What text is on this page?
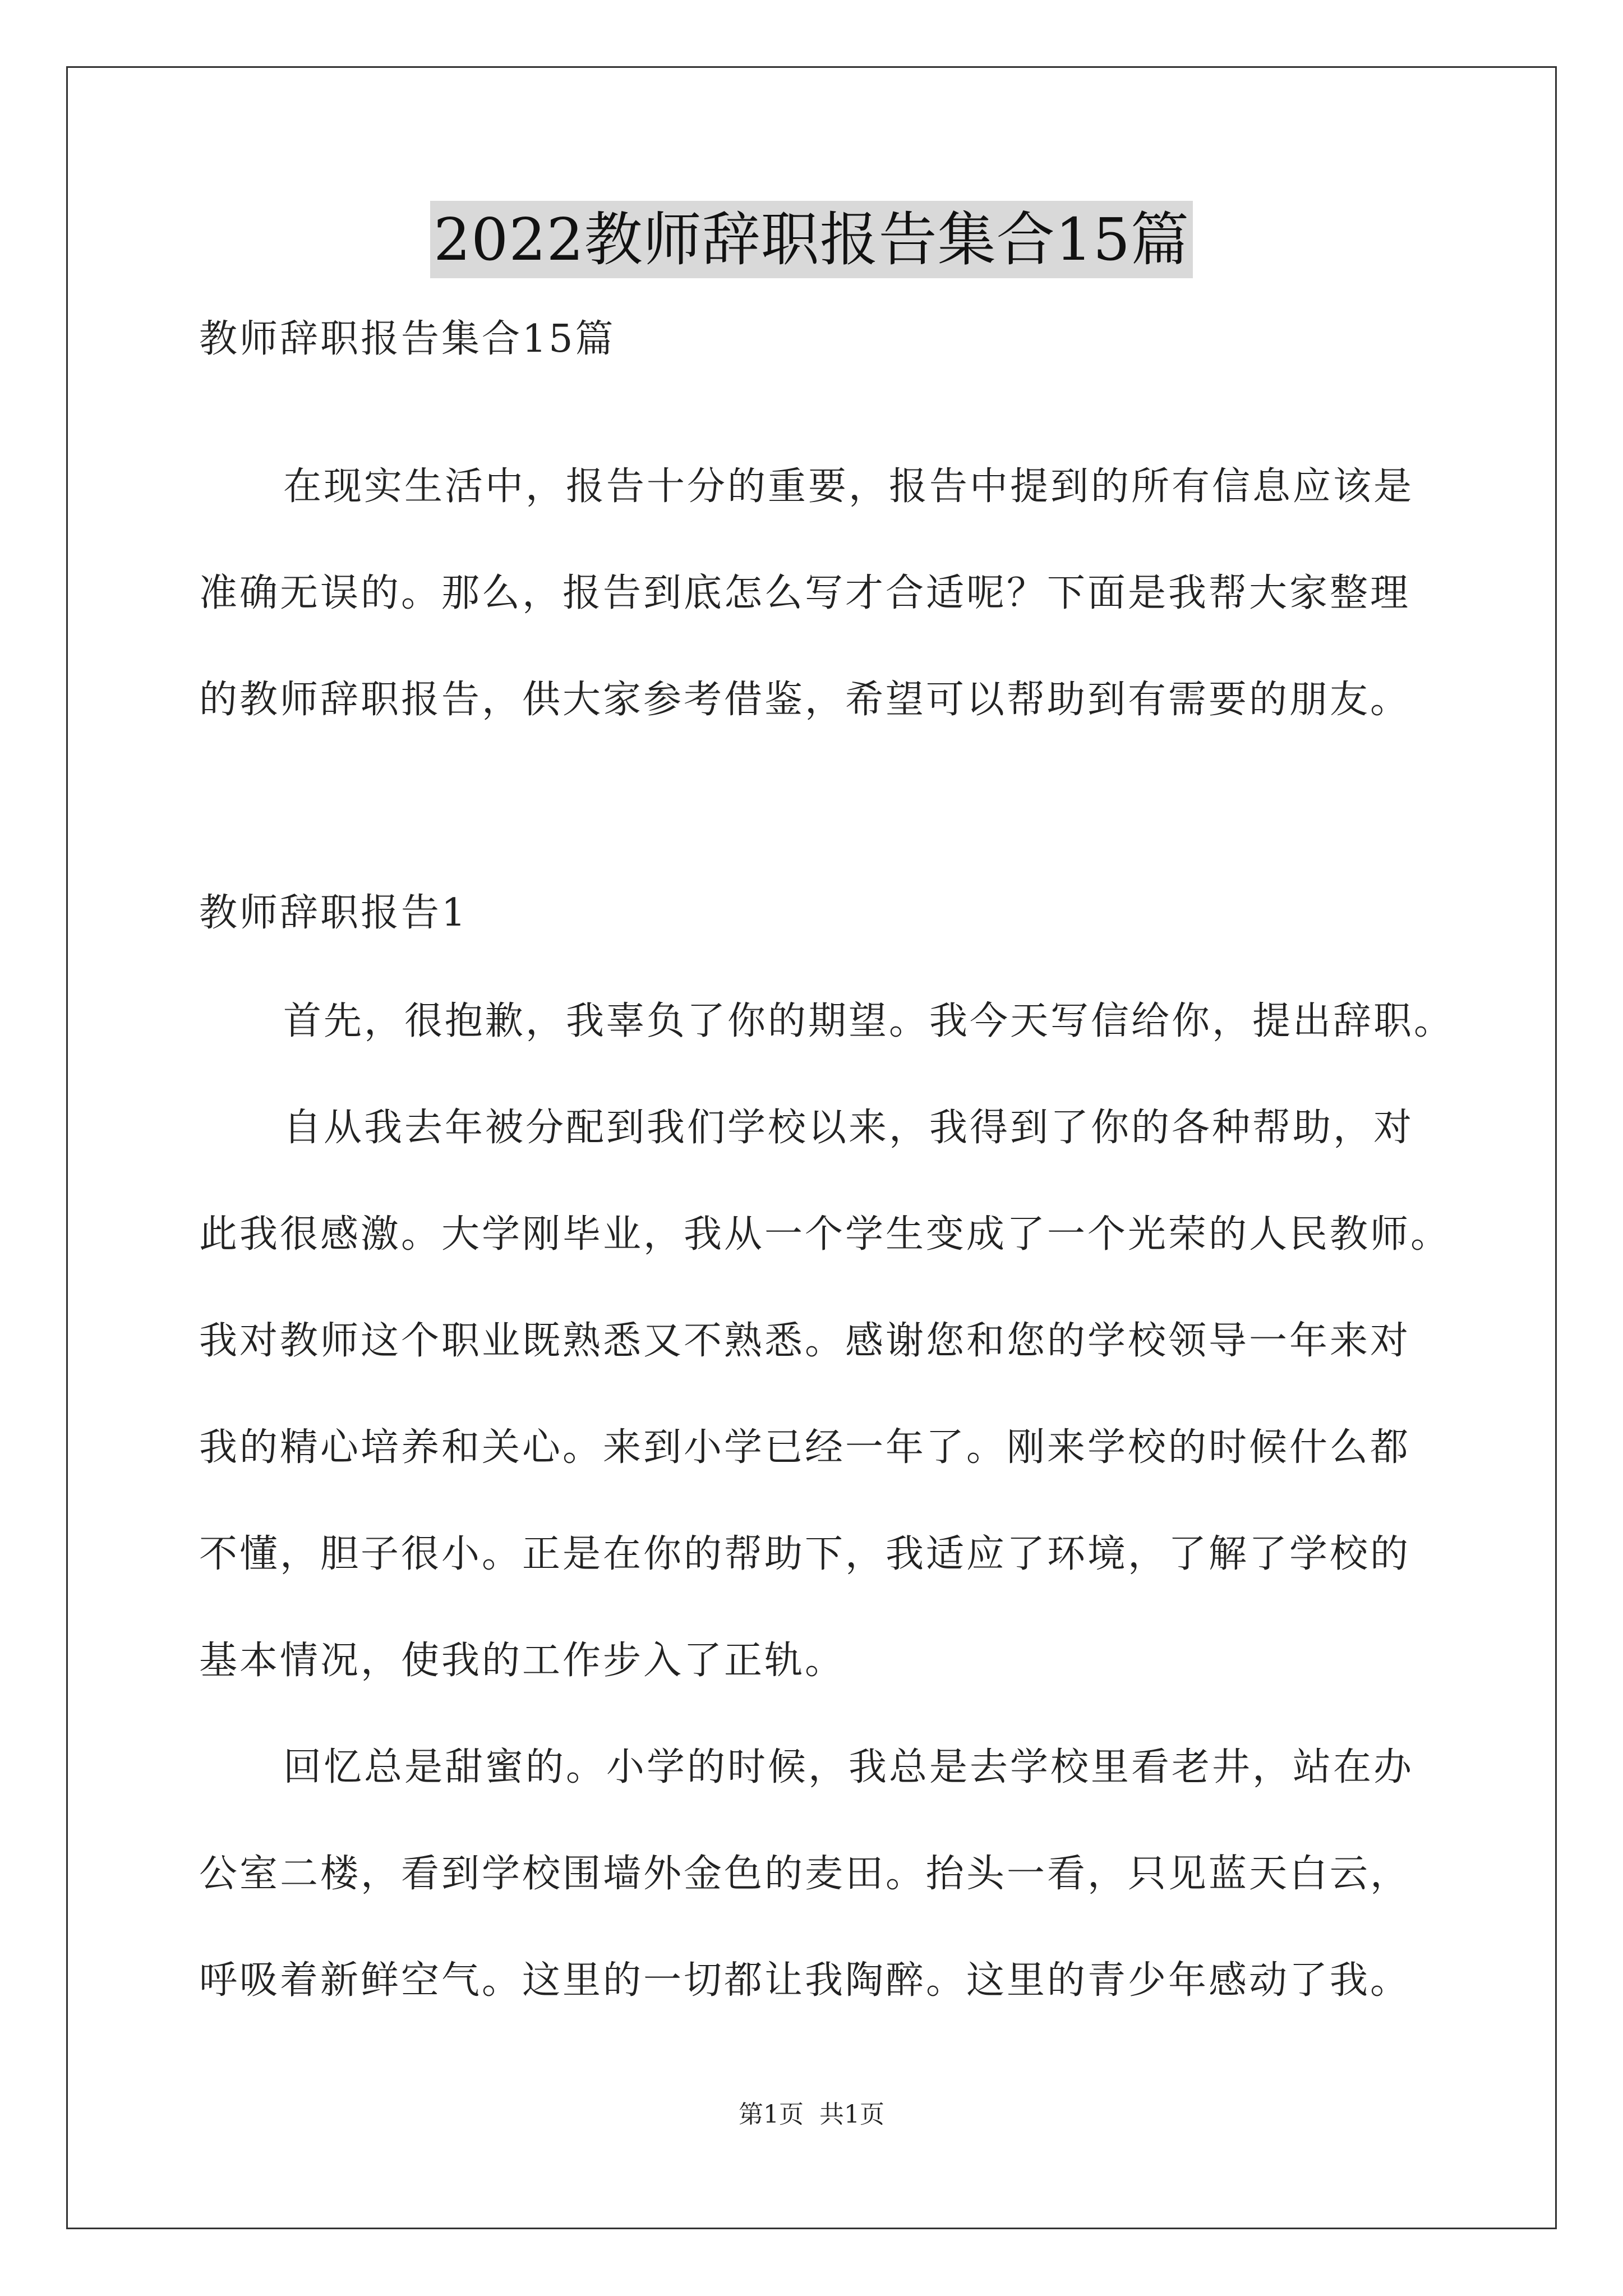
2022教师辞职报告集合15篇
教师辞职报告集合15篇
在现实生活中，报告十分的重要，报告中提到的所有信息应该是
准确无误的。那么，报告到底怎么写才合适呢？下面是我帮大家整理
的教师辞职报告，供大家参考借鉴，希望可以帮助到有需要的朋友。
教师辞职报告1
首先，很抱歉，我辜负了你的期望。我今天写信给你，提出辞职。
自从我去年被分配到我们学校以来，我得到了你的各种帮助，对
此我很感激。大学刚毕业，我从一个学生变成了一个光荣的人民教师。
我对教师这个职业既熟悉又不熟悉。感谢您和您的学校领导一年来对
我的精心培养和关心。来到小学已经一年了。刚来学校的时候什么都
不懂，胆子很小。正是在你的帮助下，我适应了环境，了解了学校的
基本情况，使我的工作步入了正轨。
回忆总是甜蜜的。小学的时候，我总是去学校里看老井，站在办
公室二楼，看到学校围墙外金色的麦田。抬头一看，只见蓝天白云，
呼吸着新鲜空气。这里的一切都让我陶醉。这里的青少年感动了我。
第1页 共1页
